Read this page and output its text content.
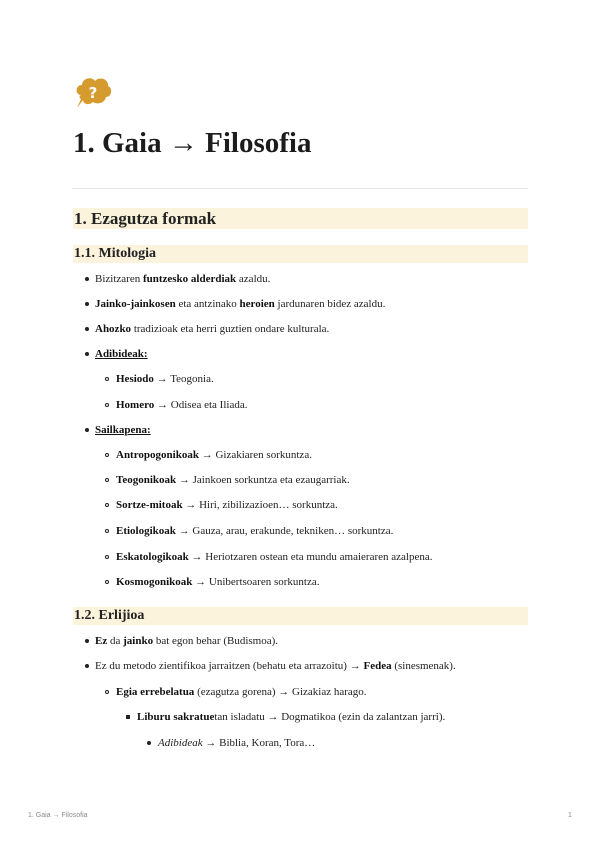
?
1. Gaia → Filosofia
1. Ezagutza formak
1.1. Mitologia
Bizitzaren funtzesko alderdiak azaldu.
Jainko-jainkosen eta antzinako heroien jardunaren bidez azaldu.
Ahozko tradizioak eta herri guztien ondare kulturala.
Adibideak:
Hesiodo → Teogonia.
Homero → Odisea eta Iliada.
Sailkapena:
Antropogonikoak → Gizakiaren sorkuntza.
Teogonikoak → Jainkoen sorkuntza eta ezaugarriak.
Sortze-mitoak → Hiri, zibilizazioen… sorkuntza.
Etiologikoak → Gauza, arau, erakunde, tekniken… sorkuntza.
Eskatologikoak → Heriotzaren ostean eta mundu amaieraren azalpena.
Kosmogonikoak → Unibertsoaren sorkuntza.
1.2. Erlijioa
Ez da jainko bat egon behar (Budismoa).
Ez du metodo zientifikoa jarraitzen (behatu eta arrazoitu) → Fedea (sinesmenak).
Egia errebelatua (ezagutza gorena) → Gizakiaz harago.
Liburu sakratuetan isladatu → Dogmatikoa (ezin da zalantzan jarri).
Adibideak → Biblia, Koran, Tora…
1. Gaia → Filosofia	1
